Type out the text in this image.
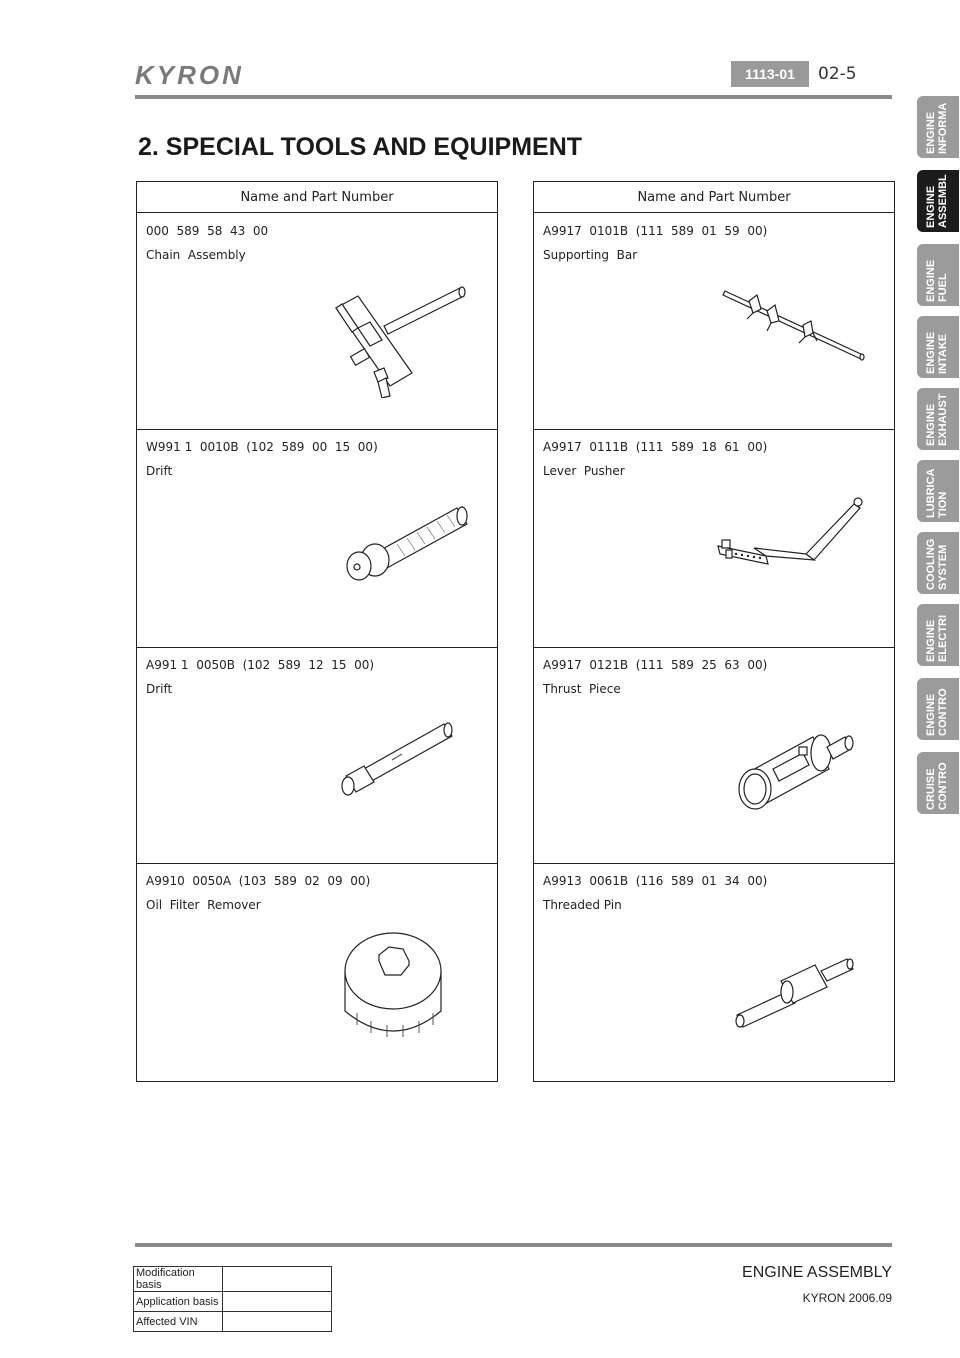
KYRON	1113-01	02-5
2. SPECIAL TOOLS AND EQUIPMENT
Name and Part Number
000  589  58  43  00
Chain  Assembly
W991 1  0010B  (102  589  00  15  00)
Drift
A991 1  0050B  (102  589  12  15  00)
Drift
A9910  0050A  (103  589  02  09  00)
Oil  Filter  Remover
Name and Part Number
A9917  0101B  (111  589  01  59  00)
Supporting  Bar
A9917  0111B  (111  589  18  61  00)
Lever  Pusher
A9917  0121B  (111  589  25  63  00)
Thrust  Piece
A9913  0061B  (116  589  01  34  00)
Threaded Pin
ENGINEINFORMA
ENGINEASSEMBL
ENGINEFUEL
ENGINEINTAKE
ENGINEEXHAUST
LUBRICATION
COOLINGSYSTEM
ENGINEELECTRI
ENGINECONTRO
CRUISECONTRO
Modification basis	
Application basis	
Affected VIN	
ENGINE ASSEMBLY
KYRON 2006.09
